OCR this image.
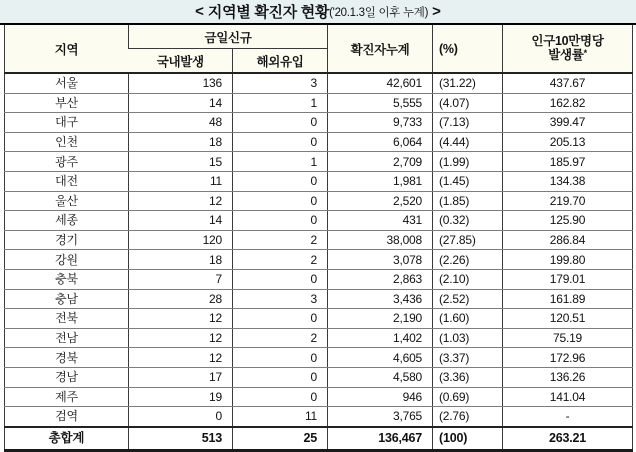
< 지역별 확진자 현황 ('20.1.3일 이후 누계) >
지역	금일신규		확진자누계	(%)	인구10만명당
발생률*
	국내발생	해외유입			
서울	136	3	42,601	(31.22)	437.67
부산	14	1	5,555	(4.07)	162.82
대구	48	0	9,733	(7.13)	399.47
인천	18	0	6,064	(4.44)	205.13
광주	15	1	2,709	(1.99)	185.97
대전	11	0	1,981	(1.45)	134.38
울산	12	0	2,520	(1.85)	219.70
세종	14	0	431	(0.32)	125.90
경기	120	2	38,008	(27.85)	286.84
강원	18	2	3,078	(2.26)	199.80
충북	7	0	2,863	(2.10)	179.01
충남	28	3	3,436	(2.52)	161.89
전북	12	0	2,190	(1.60)	120.51
전남	12	2	1,402	(1.03)	75.19
경북	12	0	4,605	(3.37)	172.96
경남	17	0	4,580	(3.36)	136.26
제주	19	0	946	(0.69)	141.04
검역	0	11	3,765	(2.76)	-
총합계	513	25	136,467	(100)	263.21
